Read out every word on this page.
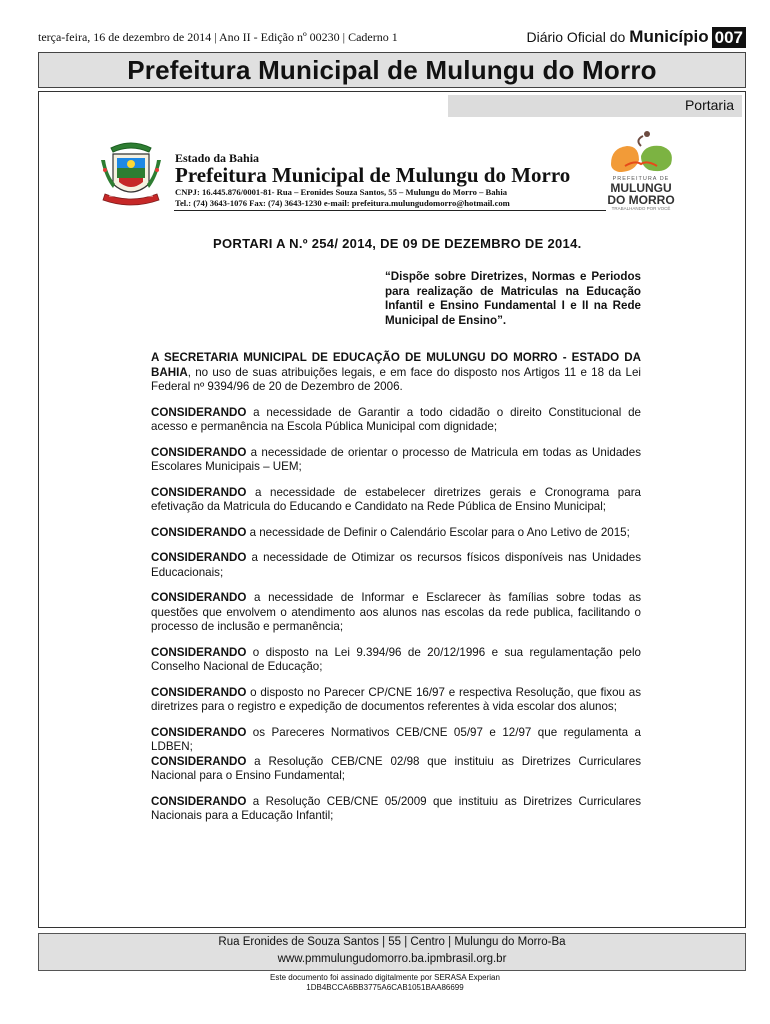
terça-feira, 16 de dezembro de 2014 | Ano II - Edição nº 00230 | Caderno 1	Diário Oficial do Município 007
Prefeitura Municipal de Mulungu do Morro
Portaria
Estado da Bahia
Prefeitura Municipal de Mulungu do Morro
CNPJ: 16.445.876/0001-81- Rua – Eronides Souza Santos, 55 – Mulungu do Morro – Bahia
Tel.: (74) 3643-1076 Fax: (74) 3643-1230 e-mail: prefeitura.mulungudomorro@hotmail.com
PREFEITURA DE
MULUNGU
DO MORRO
TRABALHANDO POR VOCÊ
PORTARI A N.º 254/ 2014, DE 09 DE DEZEMBRO DE 2014.
“Dispõe sobre Diretrizes, Normas e Periodos para realização de Matriculas na Educação Infantil e Ensino Fundamental I e II na Rede Municipal de Ensino”.

A SECRETARIA MUNICIPAL DE EDUCAÇÃO DE MULUNGU DO MORRO - ESTADO DA BAHIA, no uso de suas atribuições legais, e em face do disposto nos Artigos 11 e 18 da Lei Federal nº 9394/96 de 20 de Dezembro de 2006.

CONSIDERANDO a necessidade de Garantir a todo cidadão o direito Constitucional de acesso e permanência na Escola Pública Municipal com dignidade;

CONSIDERANDO a necessidade de orientar o processo de Matricula em todas as Unidades Escolares Municipais – UEM;

CONSIDERANDO a necessidade de estabelecer diretrizes gerais e Cronograma para efetivação da Matricula do Educando e Candidato na Rede Pública de Ensino Municipal;

CONSIDERANDO a necessidade de Definir o Calendário Escolar para o Ano Letivo de 2015;

CONSIDERANDO a necessidade de Otimizar os recursos físicos disponíveis nas Unidades Educacionais;

CONSIDERANDO a necessidade de Informar e Esclarecer às famílias sobre todas as questões que envolvem o atendimento aos alunos nas escolas da rede publica, facilitando o processo de inclusão e permanência;

CONSIDERANDO o disposto na Lei 9.394/96 de 20/12/1996 e sua regulamentação pelo Conselho Nacional de Educação;

CONSIDERANDO o disposto no Parecer CP/CNE 16/97 e respectiva Resolução, que fixou as diretrizes para o registro e expedição de documentos referentes à vida escolar dos alunos;

CONSIDERANDO os Pareceres Normativos CEB/CNE 05/97 e 12/97 que regulamenta a LDBEN;

CONSIDERANDO a Resolução CEB/CNE 02/98 que instituiu as Diretrizes Curriculares Nacional para o Ensino Fundamental;

CONSIDERANDO a Resolução CEB/CNE 05/2009 que instituiu as Diretrizes Curriculares Nacionais para a Educação Infantil;

Rua Eronides de Souza Santos | 55 | Centro | Mulungu do Morro-Ba
www.pmmulungudomorro.ba.ipmbrasil.org.br
Este documento foi assinado digitalmente por SERASA Experian
1DB4BCCA6BB3775A6CAB1051BAA86699
